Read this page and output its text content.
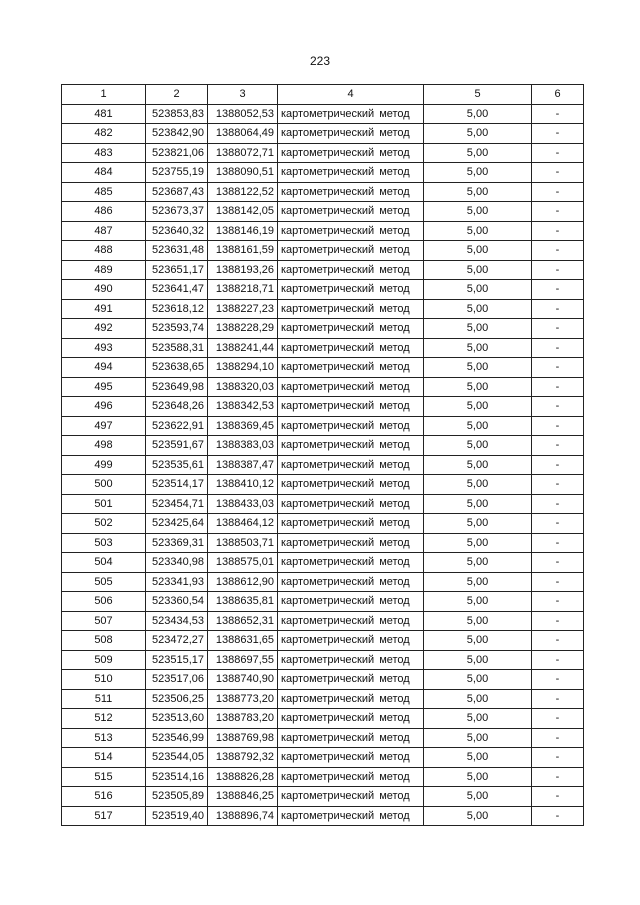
223
1	2	3	4	5	6
481	523853,83	1388052,53	картометрический метод	5,00	-
482	523842,90	1388064,49	картометрический метод	5,00	-
483	523821,06	1388072,71	картометрический метод	5,00	-
484	523755,19	1388090,51	картометрический метод	5,00	-
485	523687,43	1388122,52	картометрический метод	5,00	-
486	523673,37	1388142,05	картометрический метод	5,00	-
487	523640,32	1388146,19	картометрический метод	5,00	-
488	523631,48	1388161,59	картометрический метод	5,00	-
489	523651,17	1388193,26	картометрический метод	5,00	-
490	523641,47	1388218,71	картометрический метод	5,00	-
491	523618,12	1388227,23	картометрический метод	5,00	-
492	523593,74	1388228,29	картометрический метод	5,00	-
493	523588,31	1388241,44	картометрический метод	5,00	-
494	523638,65	1388294,10	картометрический метод	5,00	-
495	523649,98	1388320,03	картометрический метод	5,00	-
496	523648,26	1388342,53	картометрический метод	5,00	-
497	523622,91	1388369,45	картометрический метод	5,00	-
498	523591,67	1388383,03	картометрический метод	5,00	-
499	523535,61	1388387,47	картометрический метод	5,00	-
500	523514,17	1388410,12	картометрический метод	5,00	-
501	523454,71	1388433,03	картометрический метод	5,00	-
502	523425,64	1388464,12	картометрический метод	5,00	-
503	523369,31	1388503,71	картометрический метод	5,00	-
504	523340,98	1388575,01	картометрический метод	5,00	-
505	523341,93	1388612,90	картометрический метод	5,00	-
506	523360,54	1388635,81	картометрический метод	5,00	-
507	523434,53	1388652,31	картометрический метод	5,00	-
508	523472,27	1388631,65	картометрический метод	5,00	-
509	523515,17	1388697,55	картометрический метод	5,00	-
510	523517,06	1388740,90	картометрический метод	5,00	-
511	523506,25	1388773,20	картометрический метод	5,00	-
512	523513,60	1388783,20	картометрический метод	5,00	-
513	523546,99	1388769,98	картометрический метод	5,00	-
514	523544,05	1388792,32	картометрический метод	5,00	-
515	523514,16	1388826,28	картометрический метод	5,00	-
516	523505,89	1388846,25	картометрический метод	5,00	-
517	523519,40	1388896,74	картометрический метод	5,00	-
